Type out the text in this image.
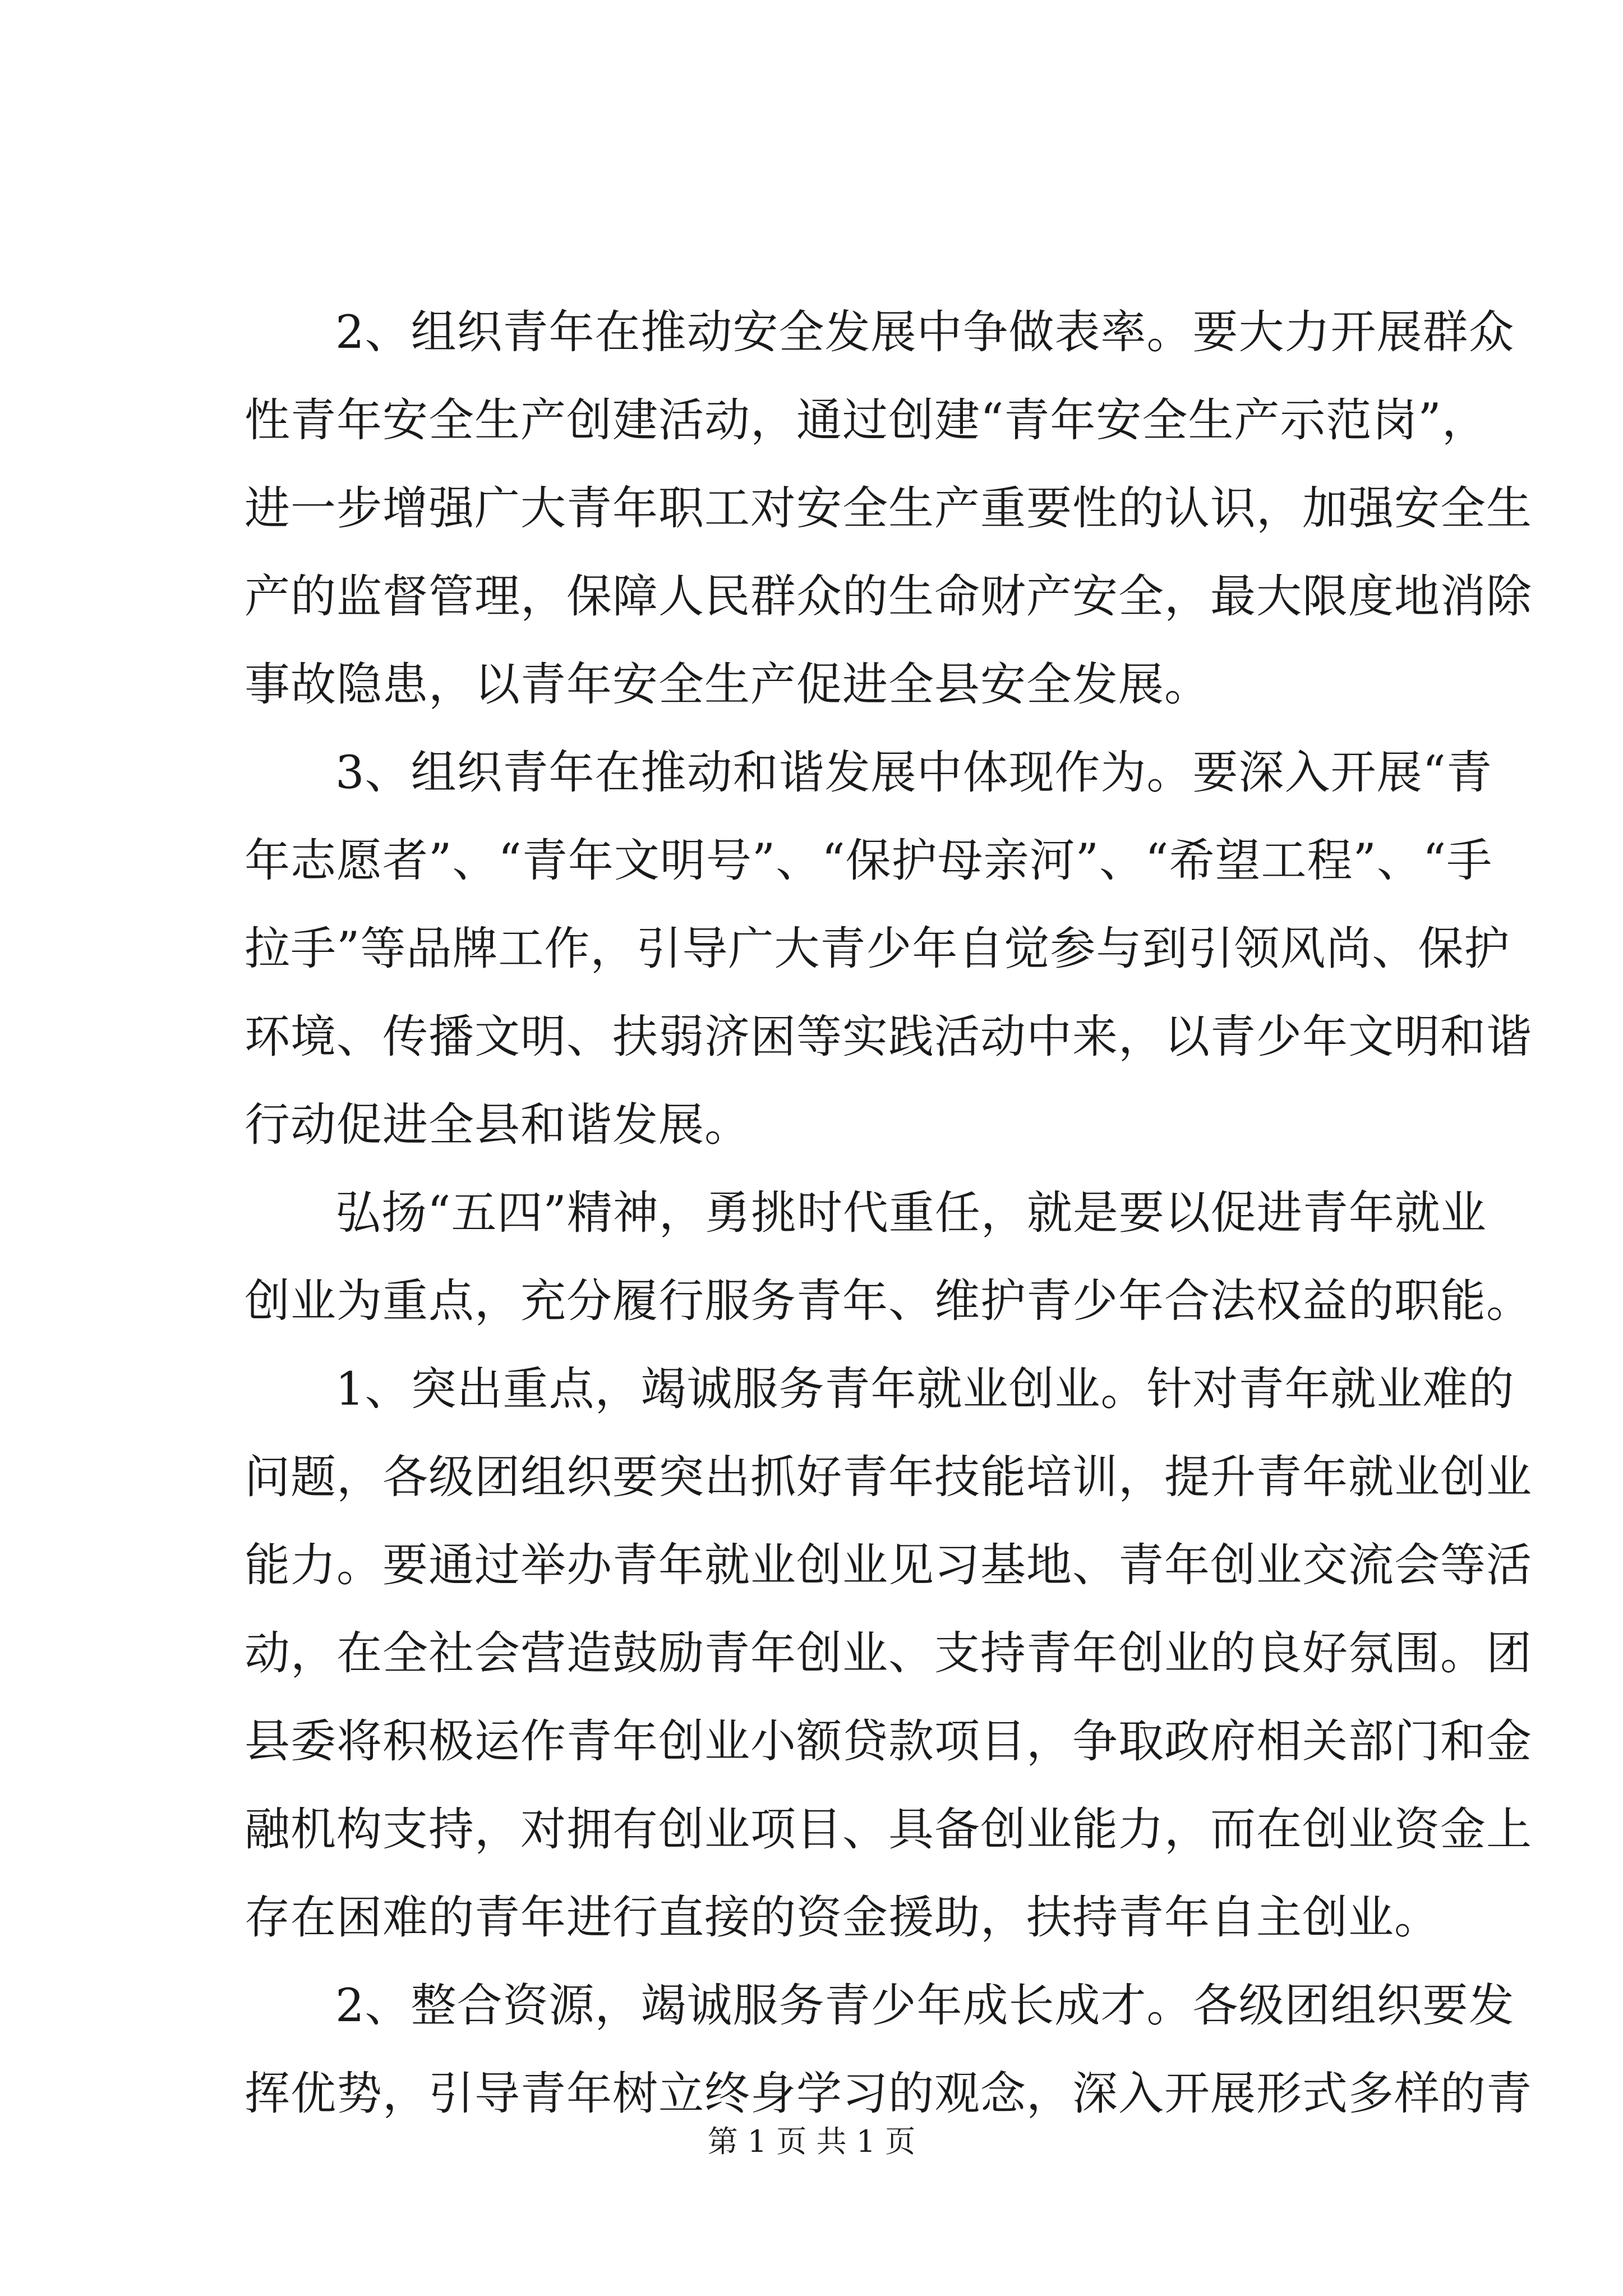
2、组织青年在推动安全发展中争做表率。要大力开展群众
性青年安全生产创建活动，通过创建“青年安全生产示范岗”，
进一步增强广大青年职工对安全生产重要性的认识，加强安全生
产的监督管理，保障人民群众的生命财产安全，最大限度地消除
事故隐患，以青年安全生产促进全县安全发展。
3、组织青年在推动和谐发展中体现作为。要深入开展“青
年志愿者”、“青年文明号”、“保护母亲河”、“希望工程”、“手
拉手”等品牌工作，引导广大青少年自觉参与到引领风尚、保护
环境、传播文明、扶弱济困等实践活动中来，以青少年文明和谐
行动促进全县和谐发展。
弘扬“五四”精神，勇挑时代重任，就是要以促进青年就业
创业为重点，充分履行服务青年、维护青少年合法权益的职能。
1、突出重点，竭诚服务青年就业创业。针对青年就业难的
问题，各级团组织要突出抓好青年技能培训，提升青年就业创业
能力。要通过举办青年就业创业见习基地、青年创业交流会等活
动，在全社会营造鼓励青年创业、支持青年创业的良好氛围。团
县委将积极运作青年创业小额贷款项目，争取政府相关部门和金
融机构支持，对拥有创业项目、具备创业能力，而在创业资金上
存在困难的青年进行直接的资金援助，扶持青年自主创业。
2、整合资源，竭诚服务青少年成长成才。各级团组织要发
挥优势，引导青年树立终身学习的观念，深入开展形式多样的青
第 1 页 共 1 页
